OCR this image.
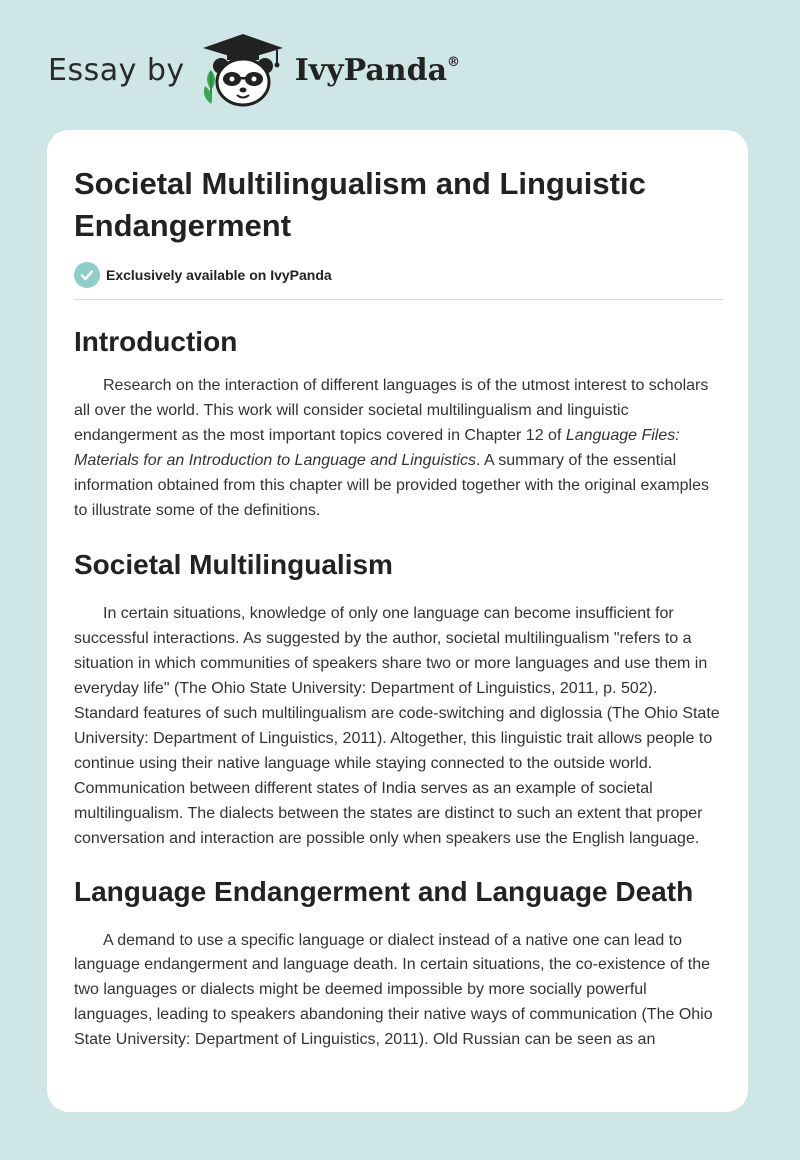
Essay by	IvyPanda®
Societal Multilingualism and Linguistic Endangerment
Exclusively available on IvyPanda
Introduction

Research on the interaction of different languages is of the utmost interest to scholars all over the world. This work will consider societal multilingualism and linguistic endangerment as the most important topics covered in Chapter 12 of Language Files: Materials for an Introduction to Language and Linguistics. A summary of the essential information obtained from this chapter will be provided together with the original examples to illustrate some of the definitions.

Societal Multilingualism

In certain situations, knowledge of only one language can become insufficient for successful interactions. As suggested by the author, societal multilingualism "refers to a situation in which communities of speakers share two or more languages and use them in everyday life" (The Ohio State University: Department of Linguistics, 2011, p. 502). Standard features of such multilingualism are code-switching and diglossia (The Ohio State University: Department of Linguistics, 2011). Altogether, this linguistic trait allows people to continue using their native language while staying connected to the outside world. Communication between different states of India serves as an example of societal multilingualism. The dialects between the states are distinct to such an extent that proper conversation and interaction are possible only when speakers use the English language.

Language Endangerment and Language Death

A demand to use a specific language or dialect instead of a native one can lead to language endangerment and language death. In certain situations, the co-existence of the two languages or dialects might be deemed impossible by more socially powerful languages, leading to speakers abandoning their native ways of communication (The Ohio State University: Department of Linguistics, 2011). Old Russian can be seen as an
